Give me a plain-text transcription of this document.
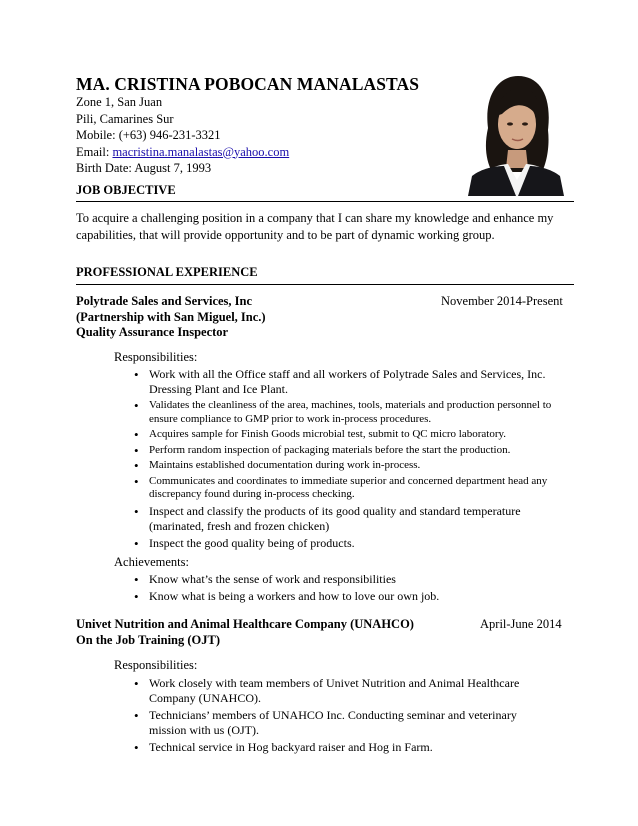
MA. CRISTINA POBOCAN MANALASTAS
Zone 1, San Juan
Pili, Camarines Sur
Mobile: (+63) 946-231-3321
Email: macristina.manalastas@yahoo.com
Birth Date: August 7, 1993
JOB OBJECTIVE
To acquire a challenging position in a company that I can share my knowledge and enhance my capabilities, that will provide opportunity and to be part of dynamic working group.
PROFESSIONAL EXPERIENCE
Polytrade Sales and Services, Inc
(Partnership with San Miguel, Inc.)
Quality Assurance Inspector
November 2014-Present
Responsibilities:
• Work with all the Office staff and all workers of Polytrade Sales and Services, Inc. Dressing Plant and Ice Plant.
• Validates the cleanliness of the area, machines, tools, materials and production personnel to ensure compliance to GMP prior to work in-process procedures.
• Acquires sample for Finish Goods microbial test, submit to QC micro laboratory.
• Perform random inspection of packaging materials before the start the production.
• Maintains established documentation during work in-process.
• Communicates and coordinates to immediate superior and concerned department head any discrepancy found during in-process checking.
• Inspect and classify the products of its good quality and standard temperature (marinated, fresh and frozen chicken)
• Inspect the good quality being of products.
Achievements:
• Know what’s the sense of work and responsibilities
• Know what is being a workers and how to love our own job.
Univet Nutrition and Animal Healthcare Company (UNAHCO)
On the Job Training (OJT)
April-June 2014
Responsibilities:
• Work closely with team members of Univet Nutrition and Animal Healthcare Company (UNAHCO).
• Technicians’ members of UNAHCO Inc. Conducting seminar and veterinary mission with us (OJT).
• Technical service in Hog backyard raiser and Hog in Farm.
